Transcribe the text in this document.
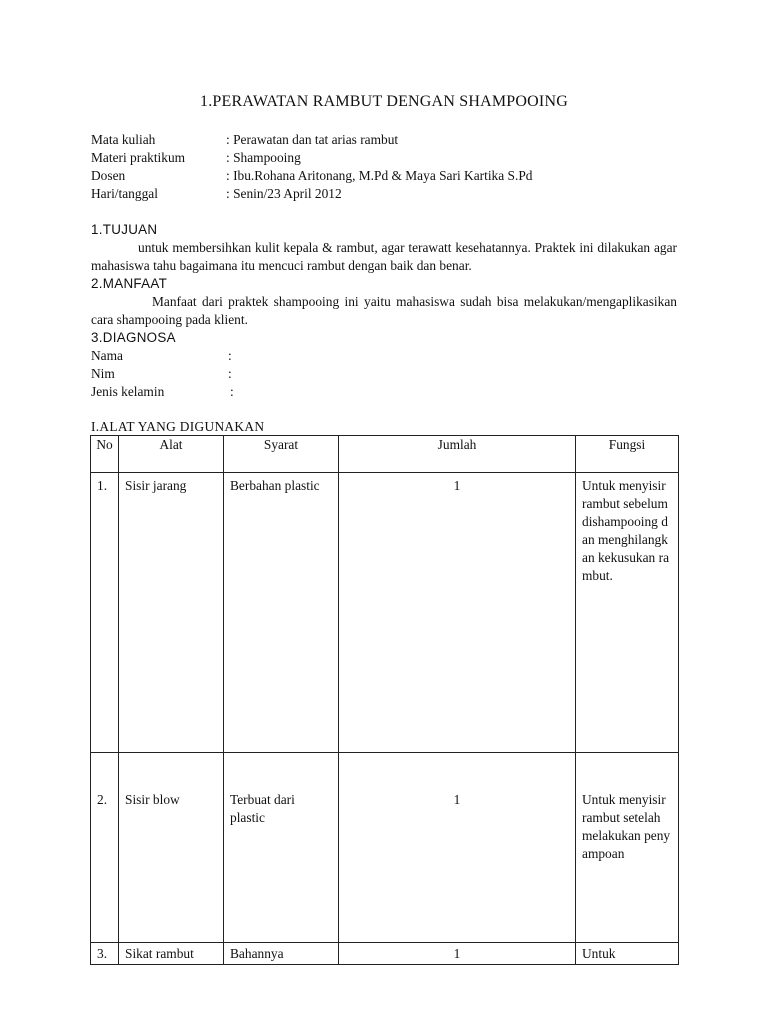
1.PERAWATAN RAMBUT DENGAN SHAMPOOING
Mata kuliah	: Perawatan dan tat arias rambut
Materi praktikum	: Shampooing
Dosen	: Ibu.Rohana Aritonang, M.Pd & Maya Sari Kartika S.Pd
Hari/tanggal	: Senin/23 April 2012
1.TUJUAN
untuk membersihkan kulit kepala & rambut, agar terawatt kesehatannya. Praktek ini dilakukan agar mahasiswa tahu bagaimana itu mencuci rambut dengan baik dan benar.
2.MANFAAT
Manfaat dari praktek shampooing ini yaitu mahasiswa sudah bisa melakukan/mengaplikasikan cara shampooing pada klient.
3.DIAGNOSA
Nama	:
Nim	:
Jenis kelamin	:
I.ALAT YANG DIGUNAKAN
No	Alat	Syarat	Jumlah	Fungsi
1.	Sisir jarang	Berbahan plastic	1	Untuk menyisir rambut sebelum dishampooing dan menghilangkan kekusukan rambut.
2.	Sisir blow	Terbuat dari plastic	1	Untuk menyisir rambut setelah melakukan penyampoan
3.	Sikat rambut	Bahannya	1	Untuk
